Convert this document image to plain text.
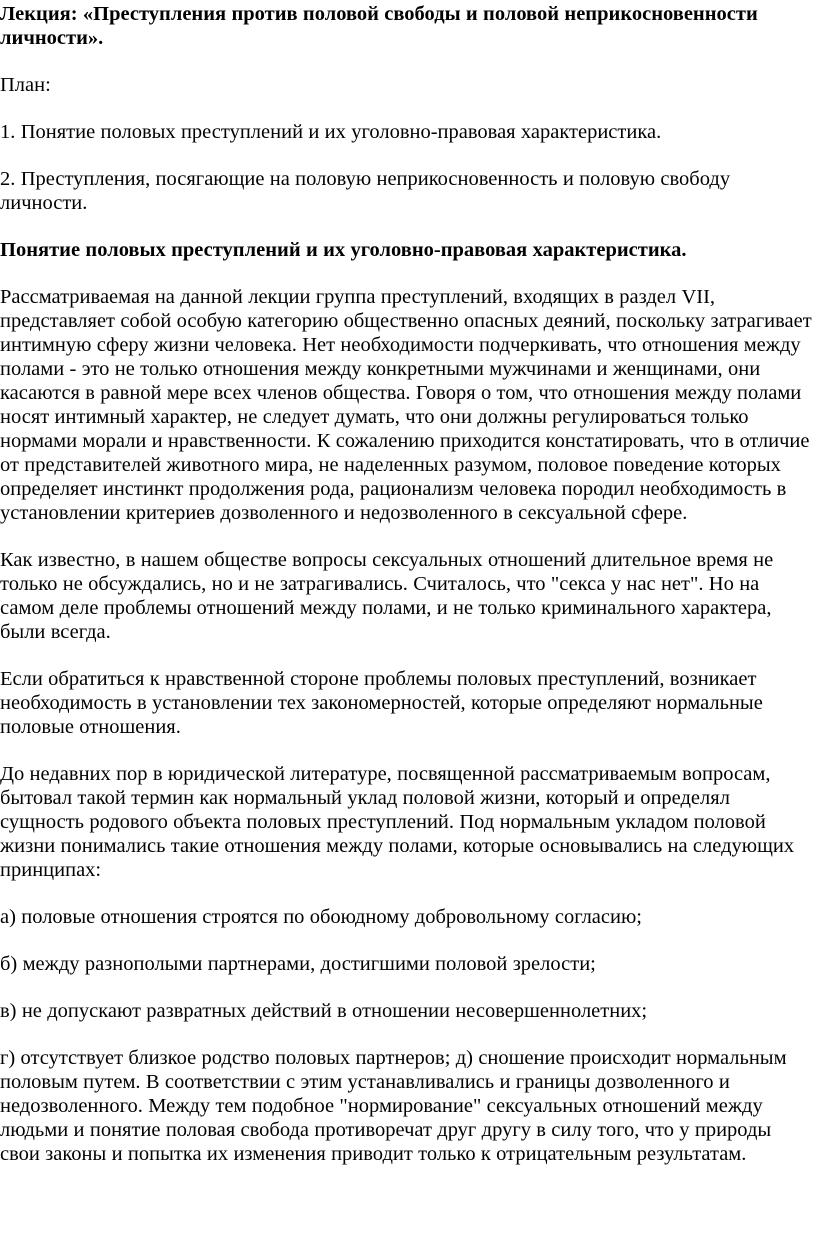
Лекция: «Преступления против половой свободы и половой неприкосновенности личности».

План:

1. Понятие половых преступлений и их уголовно-правовая характеристика.

2. Преступления, посягающие на половую неприкосновенность и половую свободу личности.

Понятие половых преступлений и их уголовно-правовая характеристика.

Рассматриваемая на данной лекции группа преступлений, входящих в раздел VII, представляет собой особую категорию общественно опасных деяний, поскольку затрагивает интимную сферу жизни человека. Нет необходимости подчеркивать, что отношения между полами - это не только отношения между конкретными мужчинами и женщинами, они касаются в равной мере всех членов общества. Говоря о том, что отношения между полами носят интимный характер, не следует думать, что они должны регулироваться только нормами морали и нравственности. К сожалению приходится констатировать, что в отличие от представителей животного мира, не наделенных разумом, половое поведение которых определяет инстинкт продолжения рода, рационализм человека породил необходимость в установлении критериев дозволенного и недозволенного в сексуальной сфере.

Как известно, в нашем обществе вопросы сексуальных отношений длительное время не только не обсуждались, но и не затрагивались. Считалось, что "секса у нас нет". Но на самом деле проблемы отношений между полами, и не только криминального характера, были всегда.

Если обратиться к нравственной стороне проблемы половых преступлений, возникает необходимость в установлении тех закономерностей, которые определяют нормальные половые отношения.

До недавних пор в юридической литературе, посвященной рассматриваемым вопросам, бытовал такой термин как нормальный уклад половой жизни, который и определял сущность родового объекта половых преступлений. Под нормальным укладом половой жизни понимались такие отношения между полами, которые основывались на следующих принципах:

а) половые отношения строятся по обоюдному добровольному согласию;

б) между разнополыми партнерами, достигшими половой зрелости;

в) не допускают развратных действий в отношении несовершеннолетних;

г) отсутствует близкое родство половых партнеров; д) сношение происходит нормальным половым путем. В соответствии с этим устанавливались и границы дозволенного и недозволенного. Между тем подобное "нормирование" сексуальных отношений между людьми и понятие половая свобода противоречат друг другу в силу того, что у природы свои законы и попытка их изменения приводит только к отрицательным результатам.
